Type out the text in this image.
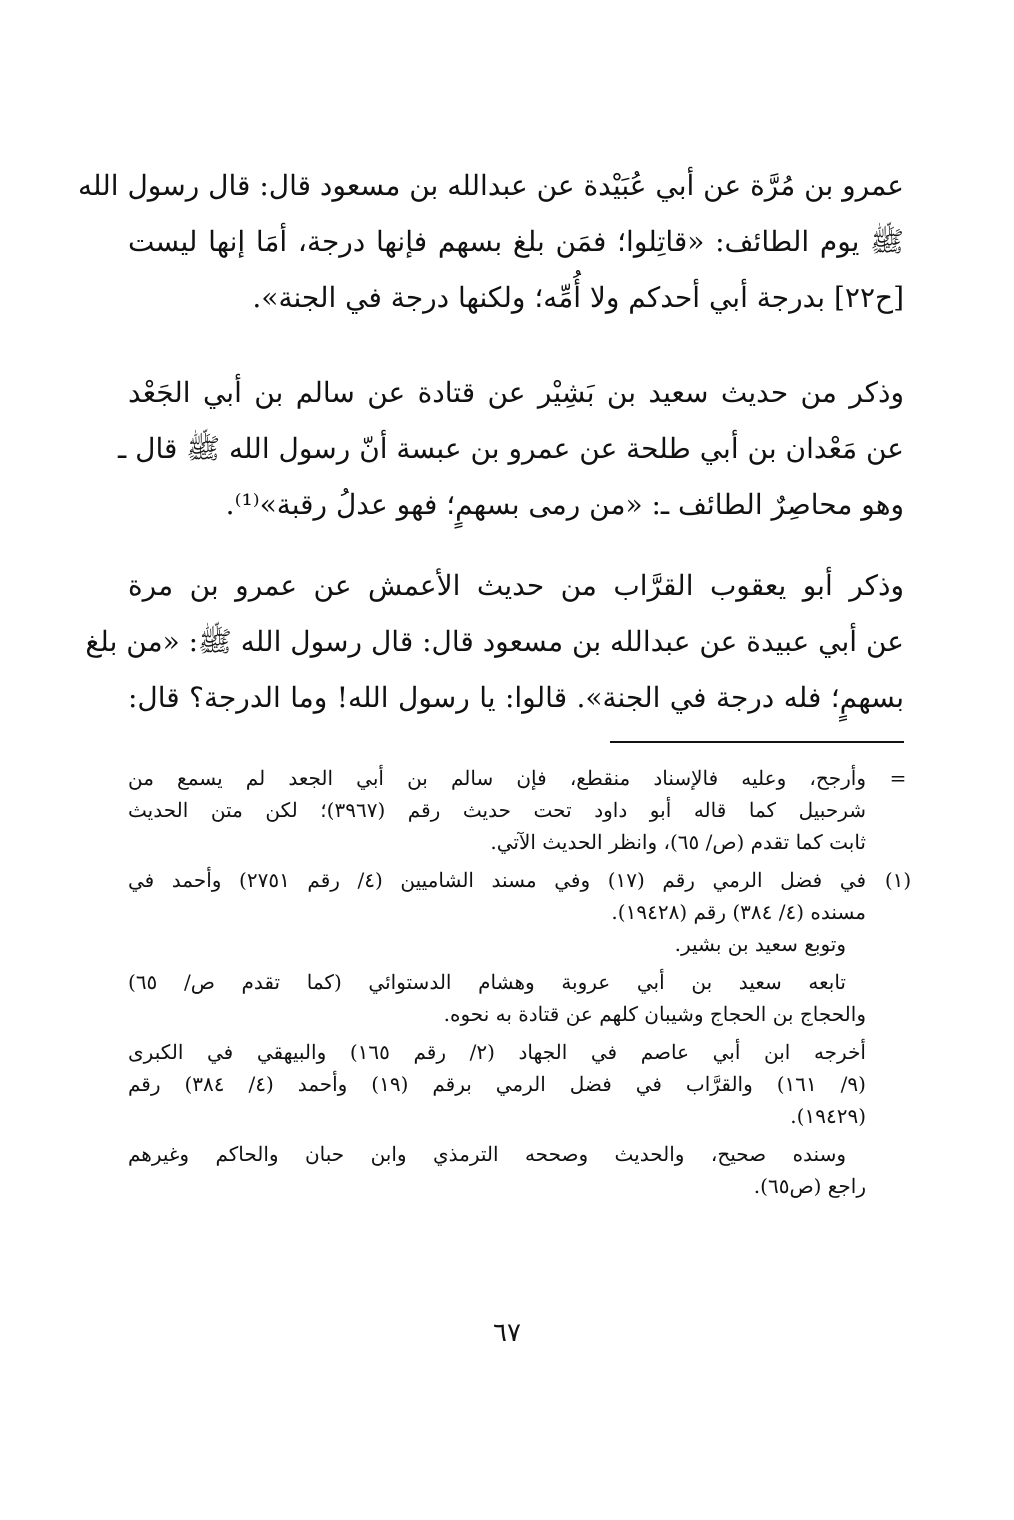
عمرو بن مُرَّة عن أبي عُبَيْدة عن عبدالله بن مسعود قال: قال رسول الله
ﷺ يوم الطائف: «قاتِلوا؛ فمَن بلغ بسهم فإنها درجة، أمَا إنها ليست
[ح٢٢] بدرجة أبي أحدكم ولا أُمِّه؛ ولكنها درجة في الجنة».
وذكر من حديث سعيد بن بَشِيْر عن قتادة عن سالم بن أبي الجَعْد
عن مَعْدان بن أبي طلحة عن عمرو بن عبسة أنّ رسول الله ﷺ قال ـ
وهو محاصِرٌ الطائف ـ: «من رمى بسهمٍ؛ فهو عدلُ رقبة»⁽¹⁾.
وذكر أبو يعقوب القرَّاب من حديث الأعمش عن عمرو بن مرة
عن أبي عبيدة عن عبدالله بن مسعود قال: قال رسول الله ﷺ: «من بلغ
بسهمٍ؛ فله درجة في الجنة». قالوا: يا رسول الله! وما الدرجة؟ قال:
=
وأرجح، وعليه فالإسناد منقطع، فإن سالم بن أبي الجعد لم يسمع من
شرحبيل كما قاله أبو داود تحت حديث رقم (٣٩٦٧)؛ لكن متن الحديث
ثابت كما تقدم (ص/ ٦٥)، وانظر الحديث الآتي.
(١)
في فضل الرمي رقم (١٧) وفي مسند الشاميين (٤/ رقم ٢٧٥١) وأحمد في
مسنده (٤/ ٣٨٤) رقم (١٩٤٢٨).
وتوبع سعيد بن بشير.
تابعه سعيد بن أبي عروبة وهشام الدستوائي (كما تقدم ص/ ٦٥)
والحجاج بن الحجاج وشيبان كلهم عن قتادة به نحوه.
أخرجه ابن أبي عاصم في الجهاد (٢/ رقم ١٦٥) والبيهقي في الكبرى
(٩/ ١٦١) والقرَّاب في فضل الرمي برقم (١٩) وأحمد (٤/ ٣٨٤) رقم
(١٩٤٢٩).
وسنده صحيح، والحديث وصححه الترمذي وابن حبان والحاكم وغيرهم
راجع (ص٦٥).
٦٧
